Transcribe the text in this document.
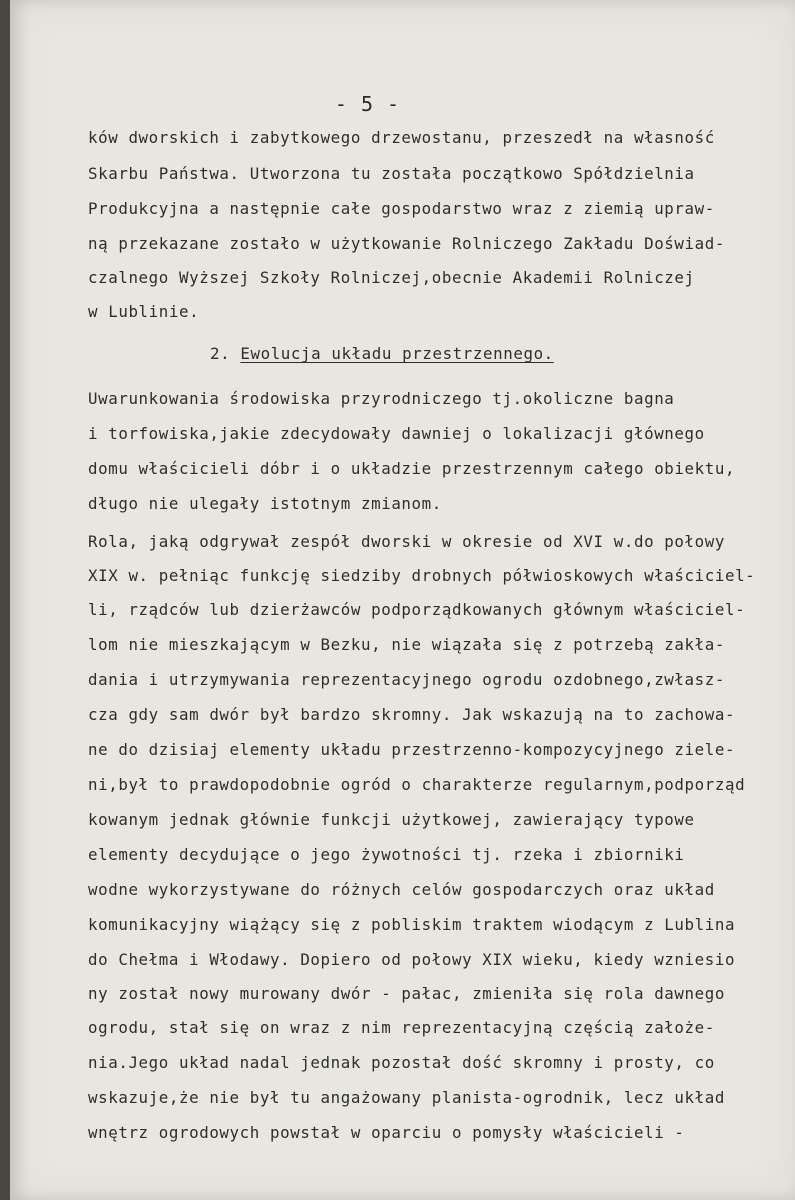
- 5 -
ków dworskich i zabytkowego drzewostanu, przeszedł na własność
Skarbu Państwa. Utworzona tu została początkowo Spółdzielnia
Produkcyjna a następnie całe gospodarstwo wraz z ziemią upraw-
ną przekazane zostało w użytkowanie Rolniczego Zakładu Doświad-
czalnego Wyższej Szkoły Rolniczej,obecnie Akademii Rolniczej
w Lublinie.
2. Ewolucja układu przestrzennego.
Uwarunkowania środowiska przyrodniczego tj.okoliczne bagna
i torfowiska,jakie zdecydowały dawniej o lokalizacji głównego
domu właścicieli dóbr i o układzie przestrzennym całego obiektu,
długo nie ulegały istotnym zmianom.
Rola, jaką odgrywał zespół dworski w okresie od XVI w.do połowy
XIX w. pełniąc funkcję siedziby drobnych półwioskowych właściciel-
li, rządców lub dzierżawców podporządkowanych głównym właściciel-
lom nie mieszkającym w Bezku, nie wiązała się z potrzebą zakła-
dania i utrzymywania reprezentacyjnego ogrodu ozdobnego,zwłasz-
cza gdy sam dwór był bardzo skromny. Jak wskazują na to zachowa-
ne do dzisiaj elementy układu przestrzenno-kompozycyjnego ziele-
ni,był to prawdopodobnie ogród o charakterze regularnym,podporząd
kowanym jednak głównie funkcji użytkowej, zawierający typowe
elementy decydujące o jego żywotności tj. rzeka i zbiorniki
wodne wykorzystywane do różnych celów gospodarczych oraz układ
komunikacyjny wiążący się z pobliskim traktem wiodącym z Lublina
do Chełma i Włodawy. Dopiero od połowy XIX wieku, kiedy wzniesio
ny został nowy murowany dwór - pałac, zmieniła się rola dawnego
ogrodu, stał się on wraz z nim reprezentacyjną częścią założe-
nia.Jego układ nadal jednak pozostał dość skromny i prosty, co
wskazuje,że nie był tu angażowany planista-ogrodnik, lecz układ
wnętrz ogrodowych powstał w oparciu o pomysły właścicieli -
